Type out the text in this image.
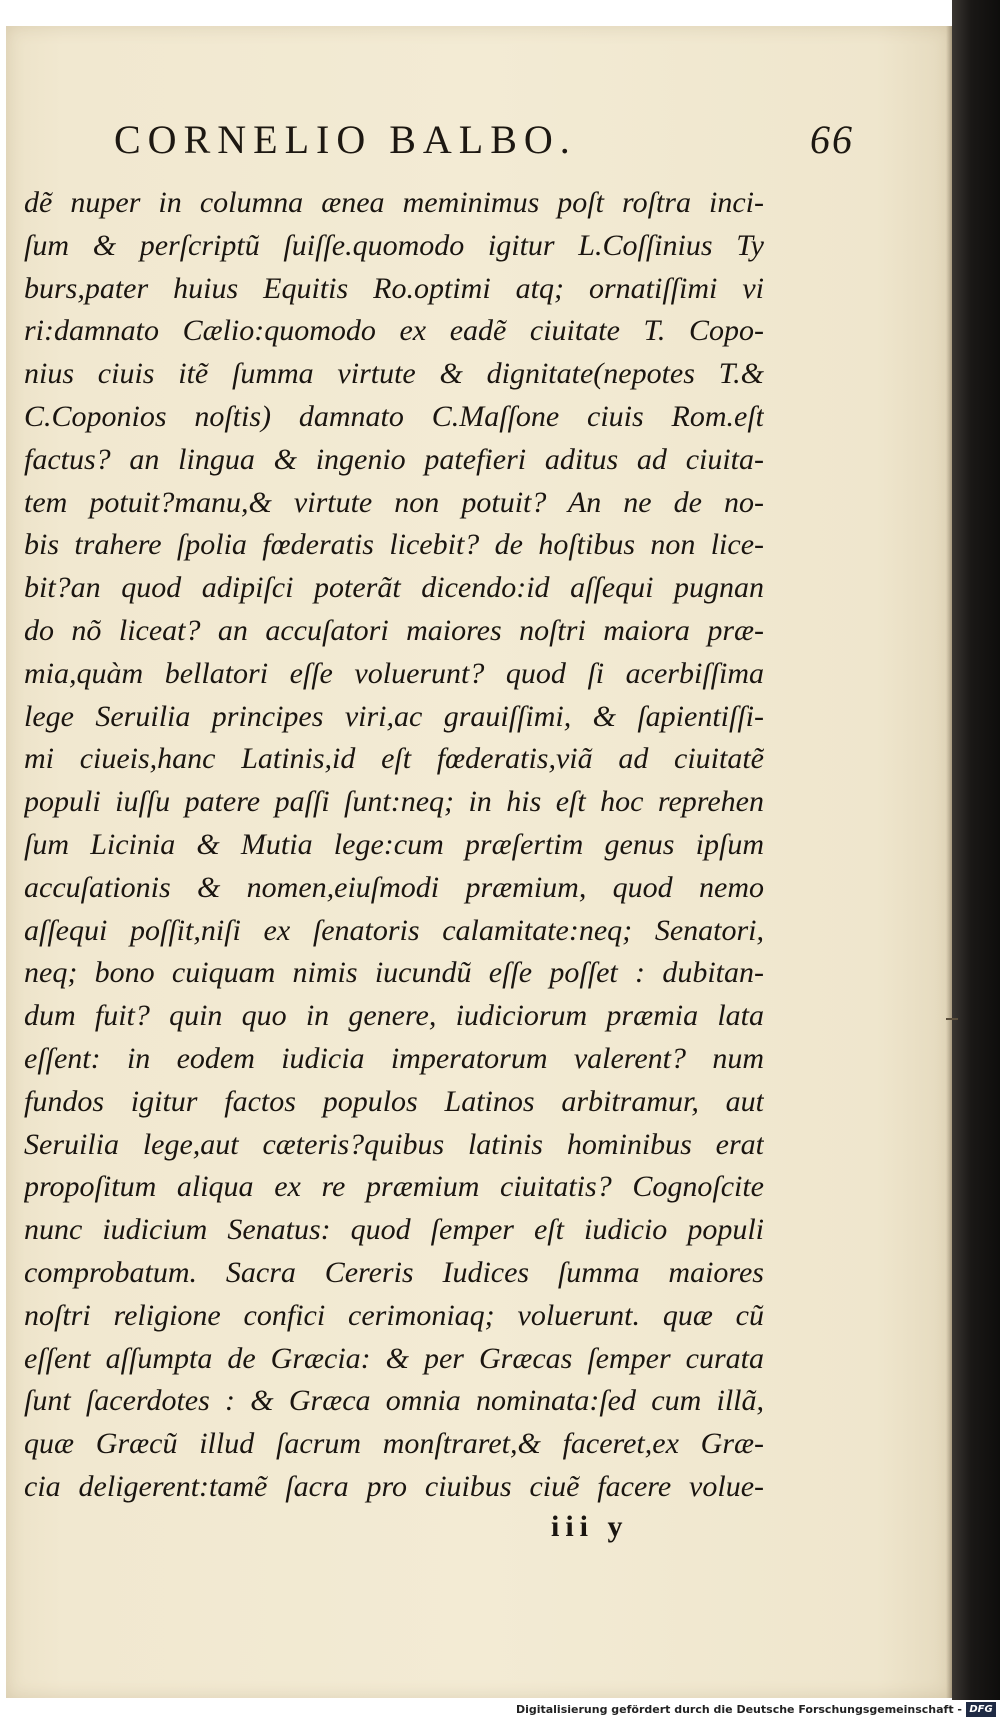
CORNELIO BALBO.	66
dẽ nuper in columna ænea meminimus poſt roſtra inci-
ſum & perſcriptũ ſuiſſe.quomodo igitur L.Coſſinius Ty
burs,pater huius Equitis Ro.optimi atq; ornatiſſimi vi
ri:damnato Cælio:quomodo ex eadẽ ciuitate T. Copo-
nius ciuis itẽ ſumma virtute & dignitate(nepotes T.&
C.Coponios noſtis) damnato C.Maſſone ciuis Rom.eſt
factus? an lingua & ingenio patefieri aditus ad ciuita-
tem potuit?manu,& virtute non potuit? An ne de no-
bis trahere ſpolia fœderatis licebit? de hoſtibus non lice-
bit?an quod adipiſci poterãt dicendo:id aſſequi pugnan
do nõ liceat? an accuſatori maiores noſtri maiora præ-
mia,quàm bellatori eſſe voluerunt? quod ſi acerbiſſima
lege Seruilia principes viri,ac grauiſſimi, & ſapientiſſi-
mi ciueis,hanc Latinis,id eſt fœderatis,viã ad ciuitatẽ
populi iuſſu patere paſſi ſunt:neq; in his eſt hoc reprehen
ſum Licinia & Mutia lege:cum præſertim genus ipſum
accuſationis & nomen,eiuſmodi præmium, quod nemo
aſſequi poſſit,niſi ex ſenatoris calamitate:neq; Senatori,
neq; bono cuiquam nimis iucundũ eſſe poſſet : dubitan-
dum fuit? quin quo in genere, iudiciorum præmia lata
eſſent: in eodem iudicia imperatorum valerent? num
fundos igitur factos populos Latinos arbitramur, aut
Seruilia lege,aut cæteris?quibus latinis hominibus erat
propoſitum aliqua ex re præmium ciuitatis? Cognoſcite
nunc iudicium Senatus: quod ſemper eſt iudicio populi
comprobatum. Sacra Cereris Iudices ſumma maiores
noſtri religione confici cerimoniaq; voluerunt. quæ cũ
eſſent aſſumpta de Græcia: & per Græcas ſemper curata
ſunt ſacerdotes : & Græca omnia nominata:ſed cum illã,
quæ Græcũ illud ſacrum monſtraret,& faceret,ex Græ-
cia deligerent:tamẽ ſacra pro ciuibus ciuẽ facere volue-
iii y
Digitalisierung gefördert durch die Deutsche Forschungsgemeinschaft - DFG
